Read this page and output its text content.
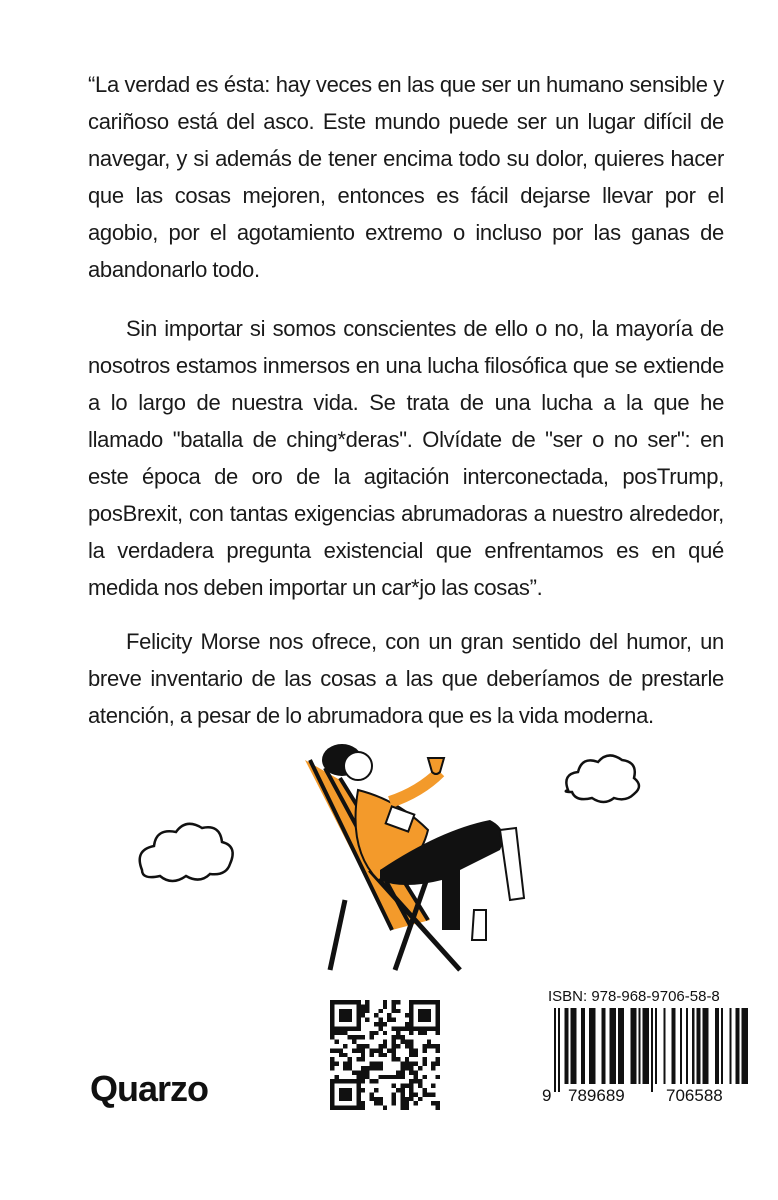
“La verdad es ésta: hay veces en las que ser un humano sensible y cariñoso está del asco. Este mundo puede ser un lugar difícil de navegar, y si además de tener encima todo su dolor, quieres hacer que las cosas mejoren, entonces es fácil dejarse llevar por el agobio, por el agotamiento extremo o incluso por las ganas de abandonarlo todo.

Sin importar si somos conscientes de ello o no, la mayoría de nosotros estamos inmersos en una lucha filosófica que se extiende a lo largo de nuestra vida. Se trata de una lucha a la que he llamado "batalla de ching*deras". Olvídate de "ser o no ser": en este época de oro de la agitación interconectada, posTrump, posBrexit, con tantas exigencias abrumadoras a nuestro alrededor, la verdadera pregunta existencial que enfrentamos es en qué medida nos deben importar un car*jo las cosas”.

Felicity Morse nos ofrece, con un gran sentido del humor, un breve inventario de las cosas a las que deberíamos de prestarle atención, a pesar de lo abrumadora que es la vida moderna.

Quarzo
ISBN: 978-968-9706-58-8
9 789689 706588
